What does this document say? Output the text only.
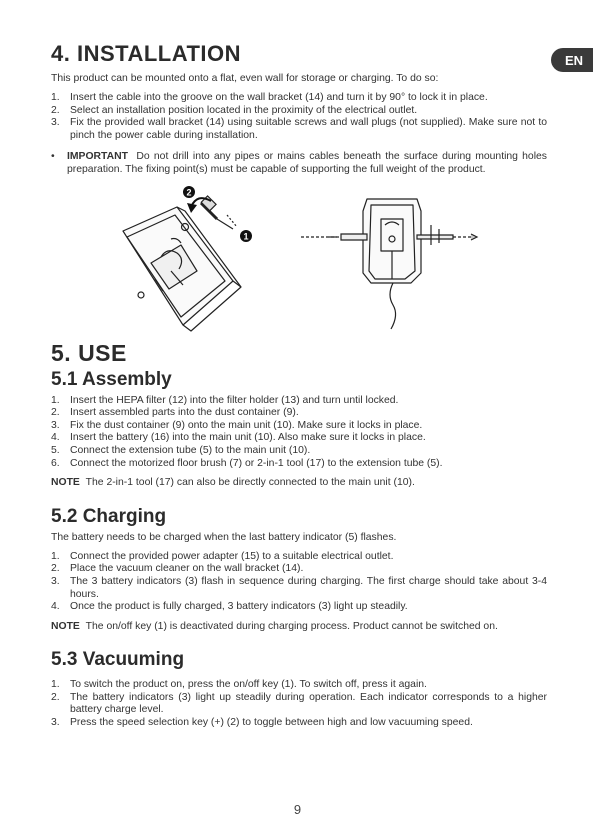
EN
4. INSTALLATION

This product can be mounted onto a flat, even wall for storage or charging. To do so:

1. Insert the cable into the groove on the wall bracket (14) and turn it by 90° to lock it in place.
2. Select an installation position located in the proximity of the electrical outlet.
3. Fix the provided wall bracket (14) using suitable screws and wall plugs (not supplied). Make sure not to pinch the power cable during installation.
•	IMPORTANT Do not drill into any pipes or mains cables beneath the surface during mounting holes preparation. The fixing point(s) must be capable of supporting the full weight of the product.
2
1
5. USE
5.1 Assembly
1. Insert the HEPA filter (12) into the filter holder (13) and turn until locked.
2. Insert assembled parts into the dust container (9).
3. Fix the dust container (9) onto the main unit (10). Make sure it locks in place.
4. Insert the battery (16) into the main unit (10). Also make sure it locks in place.
5. Connect the extension tube (5) to the main unit (10).
6. Connect the motorized floor brush (7) or 2-in-1 tool (17) to the extension tube (5).

NOTE The 2-in-1 tool (17) can also be directly connected to the main unit (10).

5.2 Charging

The battery needs to be charged when the last battery indicator (5) flashes.

1. Connect the provided power adapter (15) to a suitable electrical outlet.
2. Place the vacuum cleaner on the wall bracket (14).
3. The 3 battery indicators (3) flash in sequence during charging. The first charge should take about 3-4 hours.
4. Once the product is fully charged, 3 battery indicators (3) light up steadily.

NOTE The on/off key (1) is deactivated during charging process. Product cannot be switched on.

5.3 Vacuuming
1. To switch the product on, press the on/off key (1). To switch off, press it again.
2. The battery indicators (3) light up steadily during operation. Each indicator corresponds to a higher battery charge level.
3. Press the speed selection key (+) (2) to toggle between high and low vacuuming speed.
9
